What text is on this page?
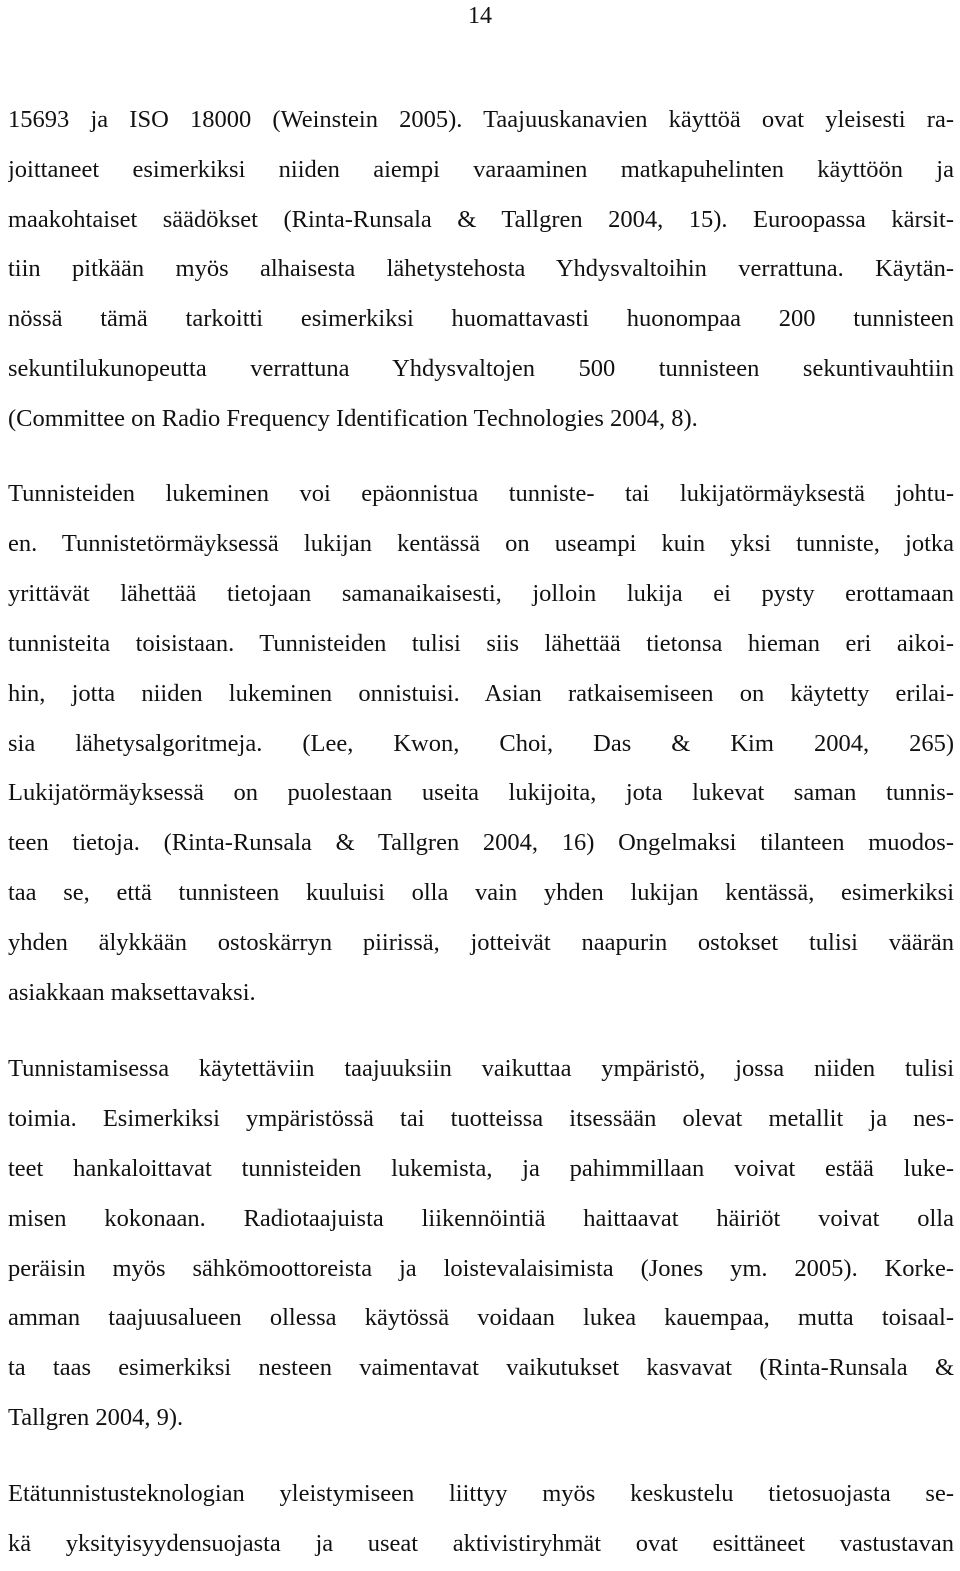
14
15693 ja ISO 18000 (Weinstein 2005). Taajuuskanavien käyttöä ovat yleisesti ra-
joittaneet esimerkiksi niiden aiempi varaaminen matkapuhelinten käyttöön ja
maakohtaiset säädökset (Rinta-Runsala & Tallgren 2004, 15). Euroopassa kärsit-
tiin pitkään myös alhaisesta lähetystehosta Yhdysvaltoihin verrattuna. Käytän-
nössä tämä tarkoitti esimerkiksi huomattavasti huonompaa 200 tunnisteen
sekuntilukunopeutta verrattuna Yhdysvaltojen 500 tunnisteen sekuntivauhtiin
(Committee on Radio Frequency Identification Technologies 2004, 8).
Tunnisteiden lukeminen voi epäonnistua tunniste- tai lukijatörmäyksestä johtu-
en. Tunnistetörmäyksessä lukijan kentässä on useampi kuin yksi tunniste, jotka
yrittävät lähettää tietojaan samanaikaisesti, jolloin lukija ei pysty erottamaan
tunnisteita toisistaan. Tunnisteiden tulisi siis lähettää tietonsa hieman eri aikoi-
hin, jotta niiden lukeminen onnistuisi. Asian ratkaisemiseen on käytetty erilai-
sia lähetysalgoritmeja. (Lee, Kwon, Choi, Das & Kim 2004, 265)
Lukijatörmäyksessä on puolestaan useita lukijoita, jota lukevat saman tunnis-
teen tietoja. (Rinta-Runsala & Tallgren 2004, 16) Ongelmaksi tilanteen muodos-
taa se, että tunnisteen kuuluisi olla vain yhden lukijan kentässä, esimerkiksi
yhden älykkään ostoskärryn piirissä, jotteivät naapurin ostokset tulisi väärän
asiakkaan maksettavaksi.
Tunnistamisessa käytettäviin taajuuksiin vaikuttaa ympäristö, jossa niiden tulisi
toimia. Esimerkiksi ympäristössä tai tuotteissa itsessään olevat metallit ja nes-
teet hankaloittavat tunnisteiden lukemista, ja pahimmillaan voivat estää luke-
misen kokonaan. Radiotaajuista liikennöintiä haittaavat häiriöt voivat olla
peräisin myös sähkömoottoreista ja loistevalaisimista (Jones ym. 2005). Korke-
amman taajuusalueen ollessa käytössä voidaan lukea kauempaa, mutta toisaal-
ta taas esimerkiksi nesteen vaimentavat vaikutukset kasvavat (Rinta-Runsala &
Tallgren 2004, 9).
Etätunnistusteknologian yleistymiseen liittyy myös keskustelu tietosuojasta se-
kä yksityisyydensuojasta ja useat aktivistiryhmät ovat esittäneet vastustavan
